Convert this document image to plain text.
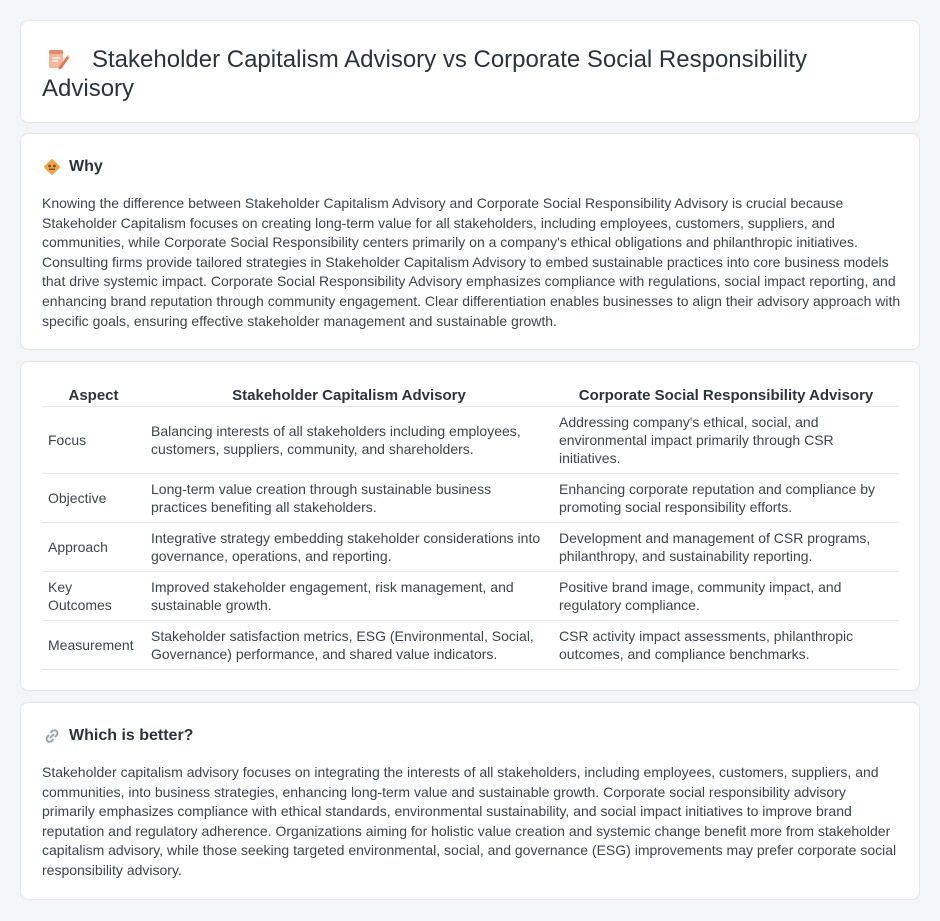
Stakeholder Capitalism Advisory vs Corporate Social Responsibility Advisory
Why

Knowing the difference between Stakeholder Capitalism Advisory and Corporate Social Responsibility Advisory is crucial because Stakeholder Capitalism focuses on creating long-term value for all stakeholders, including employees, customers, suppliers, and communities, while Corporate Social Responsibility centers primarily on a company's ethical obligations and philanthropic initiatives. Consulting firms provide tailored strategies in Stakeholder Capitalism Advisory to embed sustainable practices into core business models that drive systemic impact. Corporate Social Responsibility Advisory emphasizes compliance with regulations, social impact reporting, and enhancing brand reputation through community engagement. Clear differentiation enables businesses to align their advisory approach with specific goals, ensuring effective stakeholder management and sustainable growth.

Aspect	Stakeholder Capitalism Advisory	Corporate Social Responsibility Advisory
Focus	Balancing interests of all stakeholders including employees, customers, suppliers, community, and shareholders.	Addressing company's ethical, social, and environmental impact primarily through CSR initiatives.
Objective	Long-term value creation through sustainable business practices benefiting all stakeholders.	Enhancing corporate reputation and compliance by promoting social responsibility efforts.
Approach	Integrative strategy embedding stakeholder considerations into governance, operations, and reporting.	Development and management of CSR programs, philanthropy, and sustainability reporting.
Key Outcomes	Improved stakeholder engagement, risk management, and sustainable growth.	Positive brand image, community impact, and regulatory compliance.
Measurement	Stakeholder satisfaction metrics, ESG (Environmental, Social, Governance) performance, and shared value indicators.	CSR activity impact assessments, philanthropic outcomes, and compliance benchmarks.
Which is better?

Stakeholder capitalism advisory focuses on integrating the interests of all stakeholders, including employees, customers, suppliers, and communities, into business strategies, enhancing long-term value and sustainable growth. Corporate social responsibility advisory primarily emphasizes compliance with ethical standards, environmental sustainability, and social impact initiatives to improve brand reputation and regulatory adherence. Organizations aiming for holistic value creation and systemic change benefit more from stakeholder capitalism advisory, while those seeking targeted environmental, social, and governance (ESG) improvements may prefer corporate social responsibility advisory.
